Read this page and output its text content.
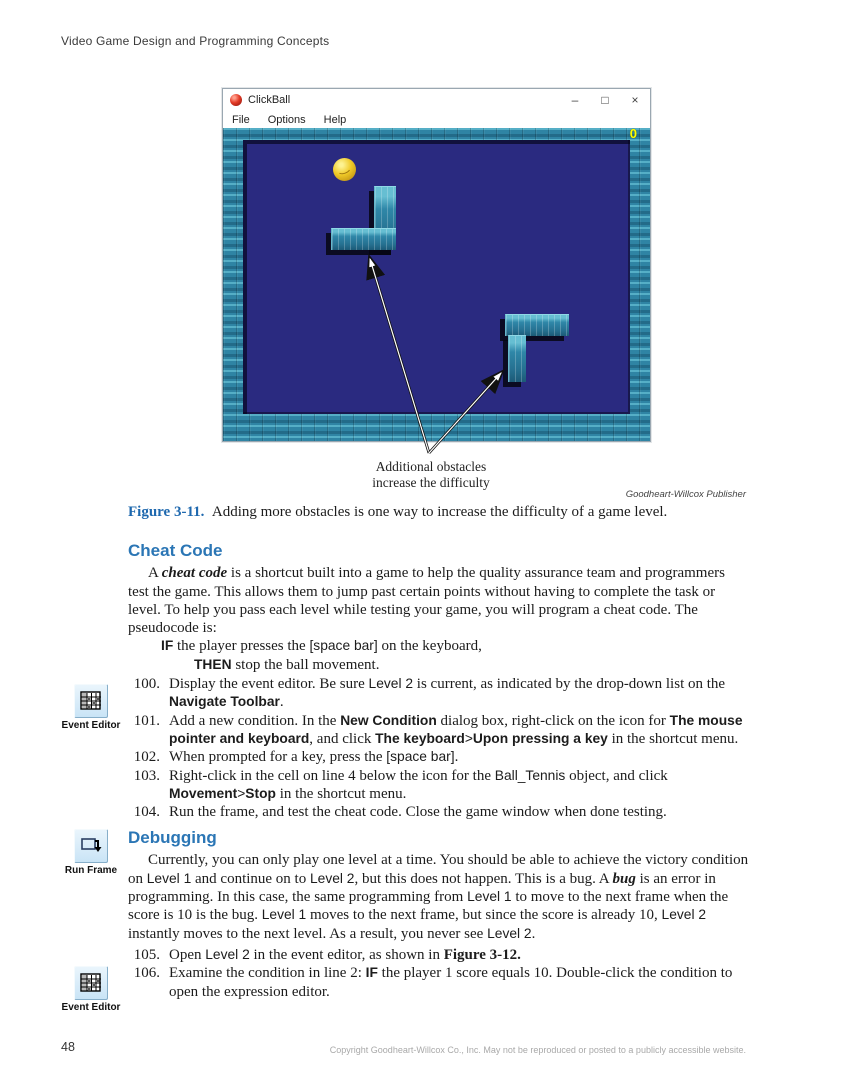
Video Game Design and Programming Concepts
ClickBall	–	□	×
File	Options	Help
0
Additional obstacles
increase the difficulty
Goodheart-Willcox Publisher

Figure 3-11. Adding more obstacles is one way to increase the difficulty of a game level.

Cheat Code

A cheat code is a shortcut built into a game to help the quality assurance team and programmers test the game. This allows them to jump past certain points without having to complete the task or level. To help you pass each level while testing your game, you will program a cheat code. The pseudocode is:

IF the player presses the [space bar] on the keyboard,

THEN stop the ball movement.

100. Display the event editor. Be sure Level 2 is current, as indicated by the drop-down list on the Navigate Toolbar.
101. Add a new condition. In the New Condition dialog box, right-click on the icon for The mouse pointer and keyboard, and click The keyboard>Upon pressing a key in the shortcut menu.
102. When prompted for a key, press the [space bar].
103. Right-click in the cell on line 4 below the icon for the Ball_Tennis object, and click Movement>Stop in the shortcut menu.
104. Run the frame, and test the cheat code. Close the game window when done testing.
Debugging

Currently, you can only play one level at a time. You should be able to achieve the victory condition on Level 1 and continue on to Level 2, but this does not happen. This is a bug. A bug is an error in programming. In this case, the same programming from Level 1 to move to the next frame when the score is 10 is the bug. Level 1 moves to the next frame, but since the score is already 10, Level 2 instantly moves to the next level. As a result, you never see Level 2.

105. Open Level 2 in the event editor, as shown in Figure 3-12.
106. Examine the condition in line 2: IF the player 1 score equals 10. Double-click the condition to open the expression editor.
Event Editor
Run Frame
Event Editor
48	Copyright Goodheart-Willcox Co., Inc. May not be reproduced or posted to a publicly accessible website.
